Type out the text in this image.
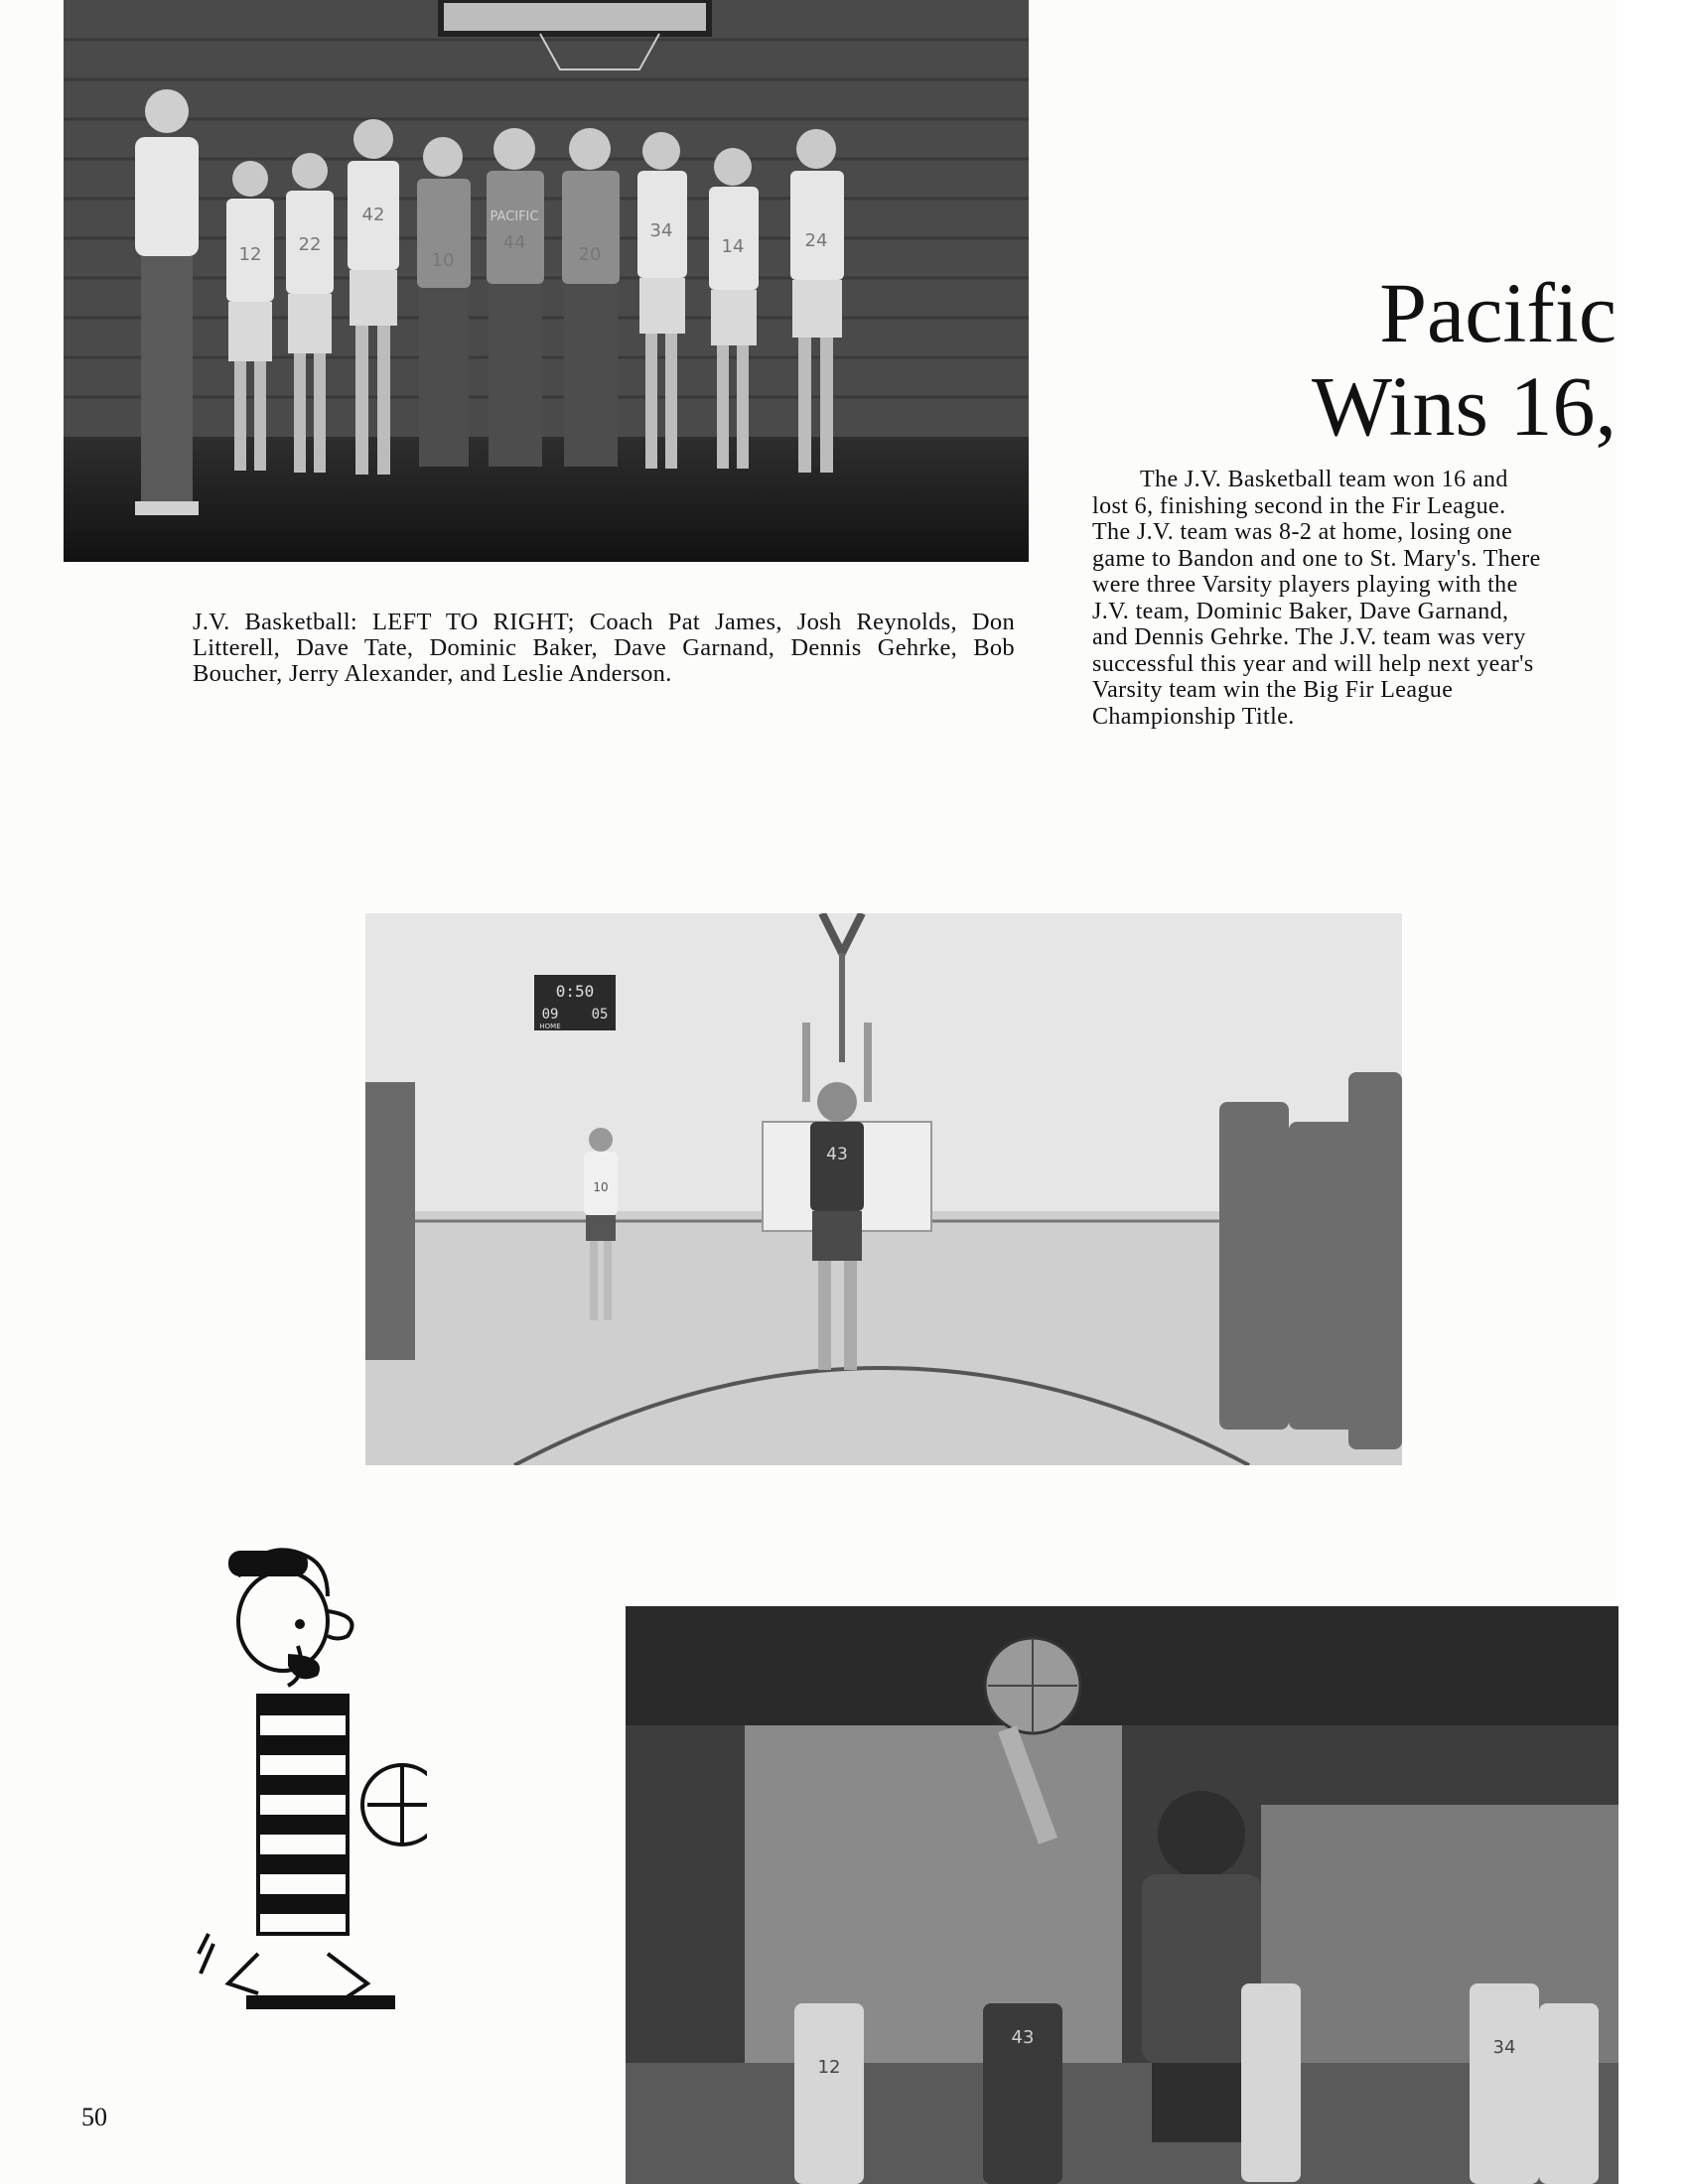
12 22
42
10
44
20
34
14	24
PACIFIC
J.V. Basketball: LEFT TO RIGHT; Coach Pat James, Josh Reynolds, Don Litterell, Dave Tate, Dominic Baker, Dave Garnand, Dennis Gehrke, Bob Boucher, Jerry Alexander, and Leslie Anderson.
Pacific
Wins 16,

The J.V. Basketball team won 16 and lost 6, finishing second in the Fir League. The J.V. team was 8-2 at home, losing one game to Bandon and one to St. Mary's. There were three Varsity players playing with the J.V. team, Dominic Baker, Dave Garnand, and Dennis Gehrke. The J.V. team was very successful this year and will help next year's Varsity team win the Big Fir League Championship Title.

0:50
09 05
HOME
43
10
12
34
43
50
